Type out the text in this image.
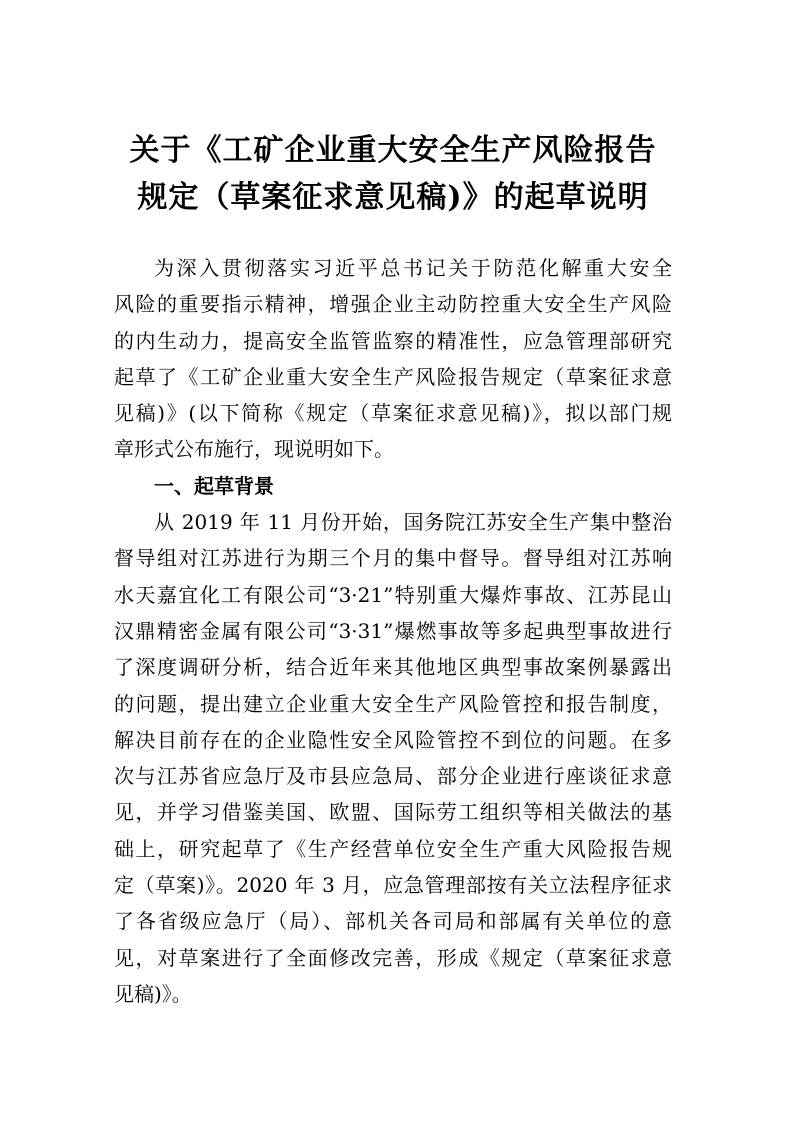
关于《工矿企业重大安全生产风险报告
规定（草案征求意见稿)》的起草说明
为深入贯彻落实习近平总书记关于防范化解重大安全
风险的重要指示精神，增强企业主动防控重大安全生产风险
的内生动力，提高安全监管监察的精准性，应急管理部研究
起草了《工矿企业重大安全生产风险报告规定（草案征求意
见稿)》(以下简称《规定（草案征求意见稿)》，拟以部门规
章形式公布施行，现说明如下。
一、起草背景
从 2019 年 11 月份开始，国务院江苏安全生产集中整治
督导组对江苏进行为期三个月的集中督导。督导组对江苏响
水天嘉宜化工有限公司“3·21”特别重大爆炸事故、江苏昆山
汉鼎精密金属有限公司“3·31”爆燃事故等多起典型事故进行
了深度调研分析，结合近年来其他地区典型事故案例暴露出
的问题，提出建立企业重大安全生产风险管控和报告制度，
解决目前存在的企业隐性安全风险管控不到位的问题。在多
次与江苏省应急厅及市县应急局、部分企业进行座谈征求意
见，并学习借鉴美国、欧盟、国际劳工组织等相关做法的基
础上，研究起草了《生产经营单位安全生产重大风险报告规
定（草案)》。2020 年 3 月，应急管理部按有关立法程序征求
了各省级应急厅（局）、部机关各司局和部属有关单位的意
见，对草案进行了全面修改完善，形成《规定（草案征求意
见稿)》。
